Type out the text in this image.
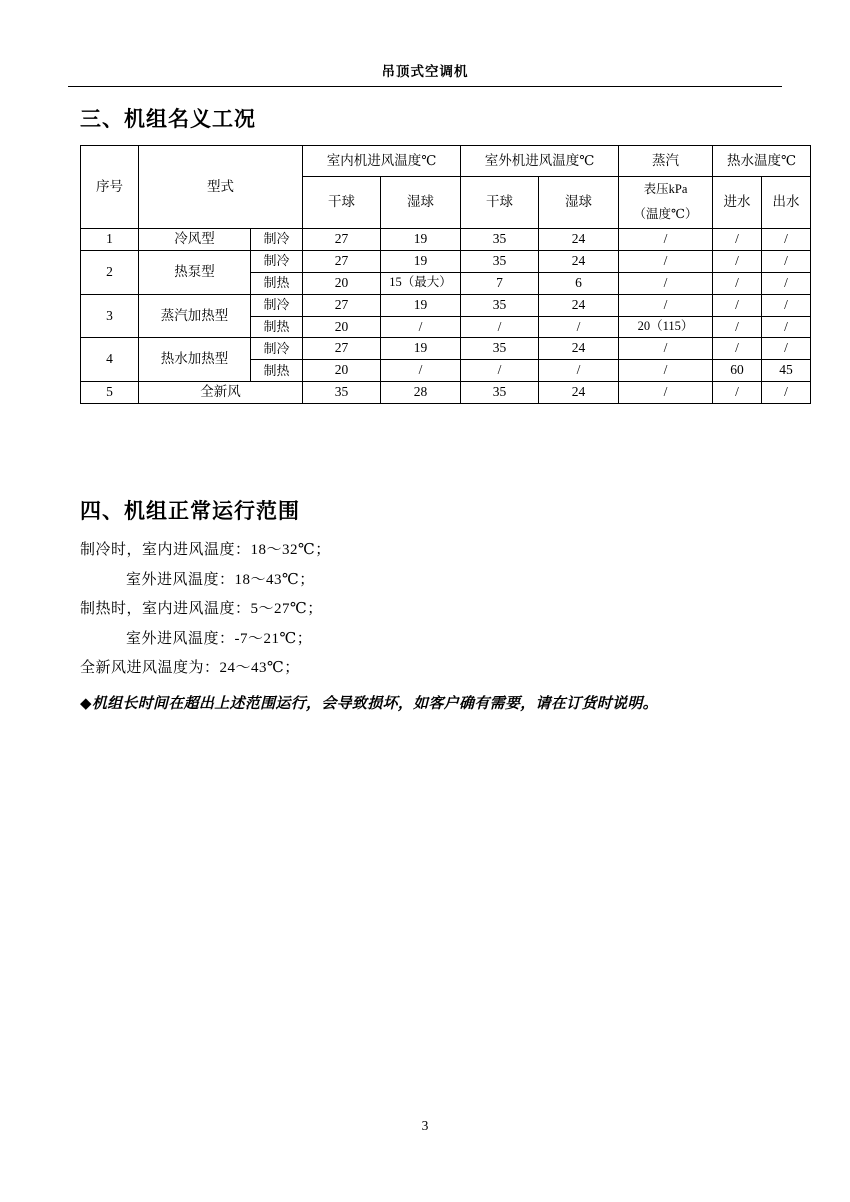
吊顶式空调机
三、机组名义工况
序号	型式		室内机进风温度℃		室外机进风温度℃		蒸汽	热水温度℃	
			干球	湿球	干球	湿球	表压kPa	进水	出水
							（温度℃）		
1	冷风型	制冷	27	19	35	24	/	/	/
2	热泵型	制冷	27	19	35	24	/	/	/
		制热	20	15（最大）	7	6	/	/	/
3	蒸汽加热型	制冷	27	19	35	24	/	/	/
		制热	20	/	/	/	20（115）	/	/
4	热水加热型	制冷	27	19	35	24	/	/	/
		制热	20	/	/	/	/	60	45
5	全新风		35	28	35	24	/	/	/
四、机组正常运行范围
制冷时，室内进风温度：18～32℃；
室外进风温度：18～43℃；
制热时，室内进风温度：5～27℃；
室外进风温度：-7～21℃；
全新风进风温度为：24～43℃；
◆机组长时间在超出上述范围运行，会导致损坏，如客户确有需要，请在订货时说明。
3
